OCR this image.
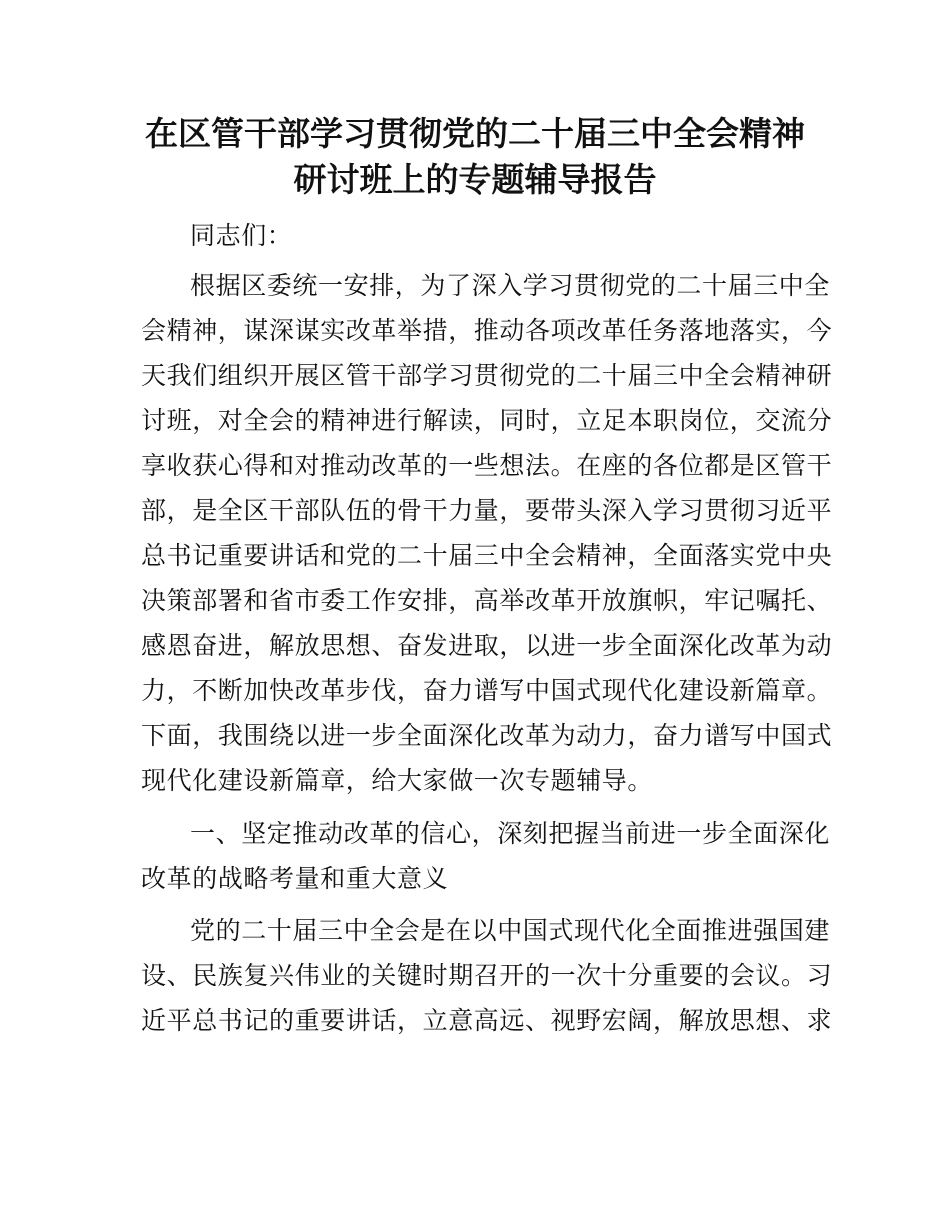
在区管干部学习贯彻党的二十届三中全会精神
研讨班上的专题辅导报告
同志们：
根据区委统一安排，为了深入学习贯彻党的二十届三中全
会精神，谋深谋实改革举措，推动各项改革任务落地落实，今
天我们组织开展区管干部学习贯彻党的二十届三中全会精神研
讨班，对全会的精神进行解读，同时，立足本职岗位，交流分
享收获心得和对推动改革的一些想法。在座的各位都是区管干
部，是全区干部队伍的骨干力量，要带头深入学习贯彻习近平
总书记重要讲话和党的二十届三中全会精神，全面落实党中央
决策部署和省市委工作安排，高举改革开放旗帜，牢记嘱托、
感恩奋进，解放思想、奋发进取，以进一步全面深化改革为动
力，不断加快改革步伐，奋力谱写中国式现代化建设新篇章。
下面，我围绕以进一步全面深化改革为动力，奋力谱写中国式
现代化建设新篇章，给大家做一次专题辅导。
一、坚定推动改革的信心，深刻把握当前进一步全面深化
改革的战略考量和重大意义
党的二十届三中全会是在以中国式现代化全面推进强国建
设、民族复兴伟业的关键时期召开的一次十分重要的会议。习
近平总书记的重要讲话，立意高远、视野宏阔，解放思想、求
